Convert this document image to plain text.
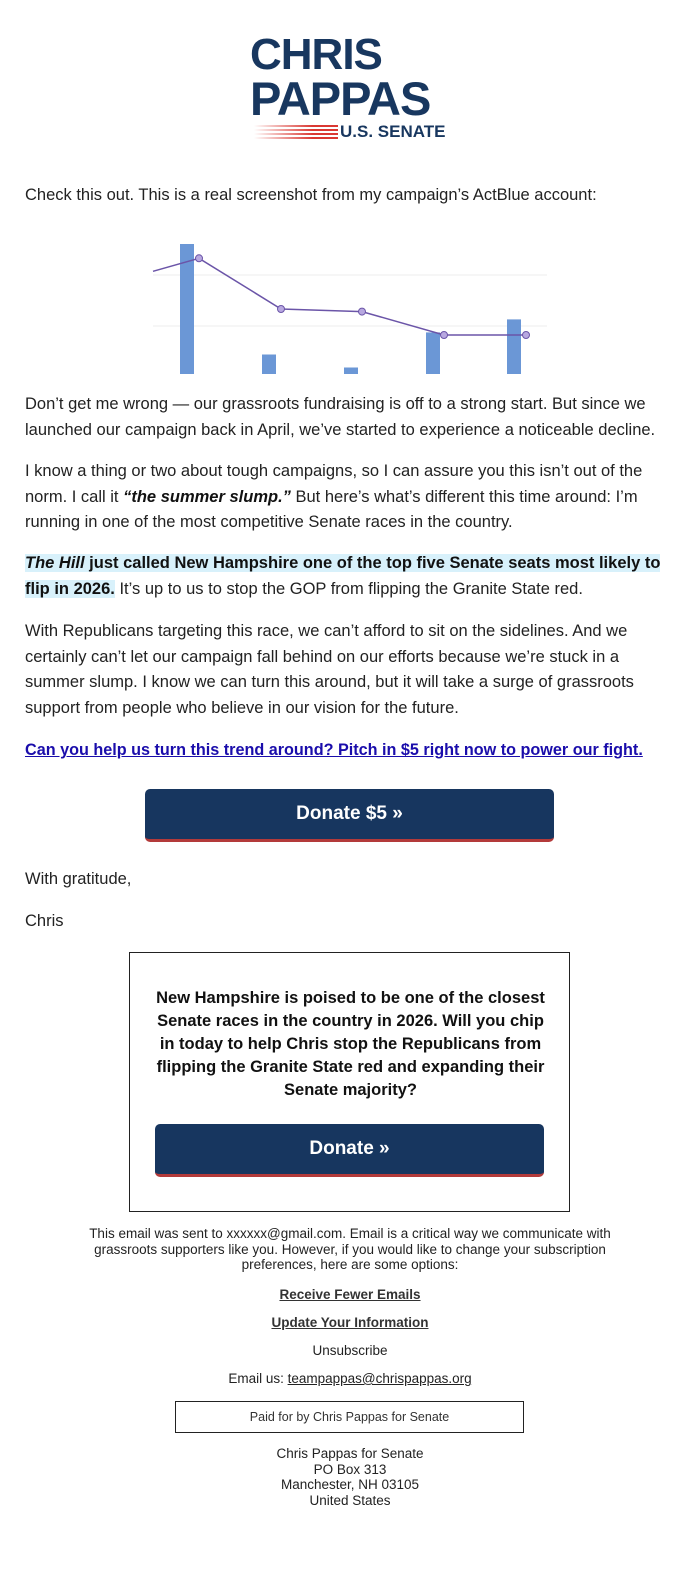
CHRIS
PAPPAS
U.S. SENATE

Check this out. This is a real screenshot from my campaign’s ActBlue account:

Don’t get me wrong — our grassroots fundraising is off to a strong start. But since we launched our campaign back in April, we’ve started to experience a noticeable decline.

I know a thing or two about tough campaigns, so I can assure you this isn’t out of the norm. I call it “the summer slump.” But here’s what’s different this time around: I’m running in one of the most competitive Senate races in the country.

The Hill just called New Hampshire one of the top five Senate seats most likely to flip in 2026. It’s up to us to stop the GOP from flipping the Granite State red.

With Republicans targeting this race, we can’t afford to sit on the sidelines. And we certainly can’t let our campaign fall behind on our efforts because we’re stuck in a summer slump. I know we can turn this around, but it will take a surge of grassroots support from people who believe in our vision for the future.

Can you help us turn this trend around? Pitch in $5 right now to power our fight.

Donate $5 »
With gratitude,
Chris

New Hampshire is poised to be one of the closest Senate races in the country in 2026. Will you chip in today to help Chris stop the Republicans from flipping the Granite State red and expanding their Senate majority?

Donate »

This email was sent to xxxxxx@gmail.com. Email is a critical way we communicate with grassroots supporters like you. However, if you would like to change your subscription preferences, here are some options:

Receive Fewer Emails

Update Your Information

Unsubscribe

Email us: teampappas@chrispappas.org

Paid for by Chris Pappas for Senate
Chris Pappas for Senate
PO Box 313
Manchester, NH 03105
United States
